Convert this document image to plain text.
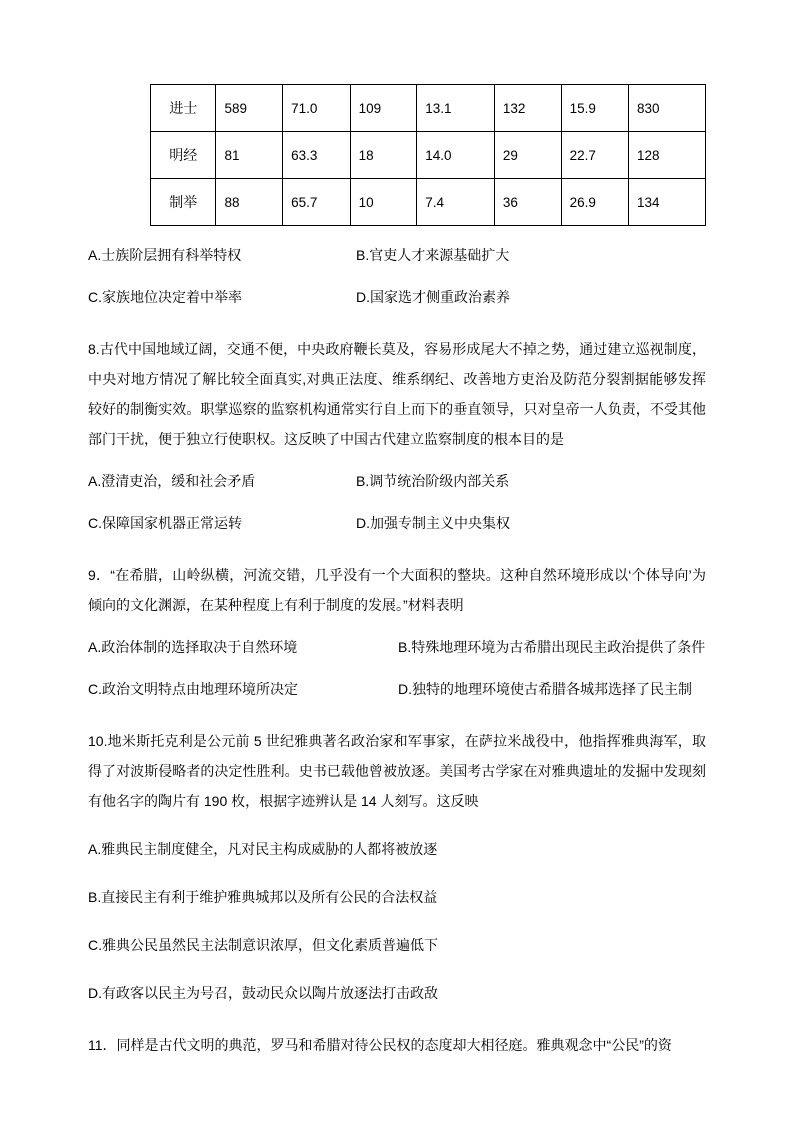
进士	589	71.0	109	13.1	132	15.9	830
明经	81	63.3	18	14.0	29	22.7	128
制举	88	65.7	10	7.4	36	26.9	134
A.士族阶层拥有科举特权	B.官吏人才来源基础扩大
C.家族地位决定着中举率	D.国家选才侧重政治素养
8.古代中国地域辽阔，交通不便，中央政府鞭长莫及，容易形成尾大不掉之势，通过建立巡视制度，中央对地方情况了解比较全面真实,对典正法度、维系纲纪、改善地方吏治及防范分裂割据能够发挥较好的制衡实效。职掌巡察的监察机构通常实行自上而下的垂直领导，只对皇帝一人负责，不受其他部门干扰，便于独立行使职权。这反映了中国古代建立监察制度的根本目的是
A.澄清吏治，缓和社会矛盾	B.调节统治阶级内部关系
C.保障国家机器正常运转	D.加强专制主义中央集权
9．“在希腊，山岭纵横，河流交错，几乎没有一个大面积的整块。这种自然环境形成以‘个体导向’为倾向的文化渊源，在某种程度上有利于制度的发展。”材料表明
A.政治体制的选择取决于自然环境	B.特殊地理环境为古希腊出现民主政治提供了条件
C.政治文明特点由地理环境所决定	D.独特的地理环境使古希腊各城邦选择了民主制
10.地米斯托克利是公元前 5 世纪雅典著名政治家和军事家，在萨拉米战役中，他指挥雅典海军，取得了对波斯侵略者的决定性胜利。史书已载他曾被放逐。美国考古学家在对雅典遗址的发掘中发现刻有他名字的陶片有 190 枚，根据字迹辨认是 14 人刻写。这反映
A.雅典民主制度健全，凡对民主构成威胁的人都将被放逐
B.直接民主有利于维护雅典城邦以及所有公民的合法权益
C.雅典公民虽然民主法制意识浓厚，但文化素质普遍低下
D.有政客以民主为号召，鼓动民众以陶片放逐法打击政敌
11．同样是古代文明的典范，罗马和希腊对待公民权的态度却大相径庭。雅典观念中“公民”的资
